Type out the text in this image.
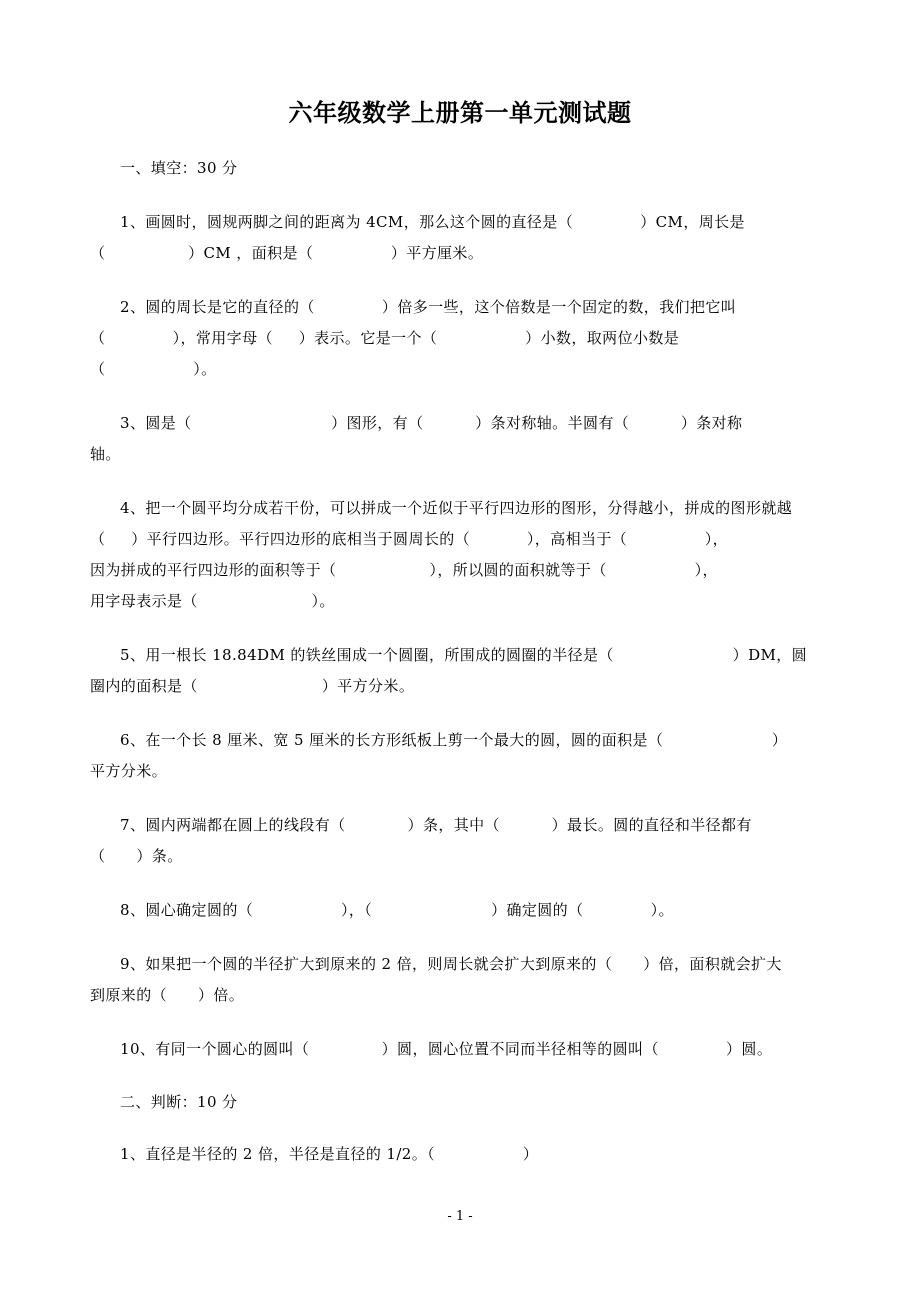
六年级数学上册第一单元测试题
一、填空：30 分
1、画圆时，圆规两脚之间的距离为 4CM，那么这个圆的直径是（             ）CM，周长是
（                ）CM ，面积是（               ）平方厘米。
2、圆的周长是它的直径的（             ）倍多一些，这个倍数是一个固定的数，我们把它叫
（             ），常用字母（     ）表示。它是一个（                 ）小数，取两位小数是
（                 ）。
3、圆是（                           ）图形，有（          ）条对称轴。半圆有（          ）条对称
轴。
4、把一个圆平均分成若干份，可以拼成一个近似于平行四边形的图形，分得越小，拼成的图形就越
（     ）平行四边形。平行四边形的底相当于圆周长的（           ），高相当于（               ），
因为拼成的平行四边形的面积等于（                  ），所以圆的面积就等于（                 ），
用字母表示是（                      ）。
5、用一根长 18.84DM 的铁丝围成一个圆圈，所围成的圆圈的半径是（                       ）DM，圆
圈内的面积是（                        ）平方分米。
6、在一个长 8 厘米、宽 5 厘米的长方形纸板上剪一个最大的圆，圆的面积是（                     ）
平方分米。
7、圆内两端都在圆上的线段有（            ）条，其中（          ）最长。圆的直径和半径都有
（      ）条。
8、圆心确定圆的（                 ），（                       ）确定圆的（             ）。
9、如果把一个圆的半径扩大到原来的 2 倍，则周长就会扩大到原来的（      ）倍，面积就会扩大
到原来的（      ）倍。
10、有同一个圆心的圆叫（              ）圆，圆心位置不同而半径相等的圆叫（             ）圆。
二、判断：10 分
1、直径是半径的 2 倍，半径是直径的 1/2。（                 ）
- 1 -
